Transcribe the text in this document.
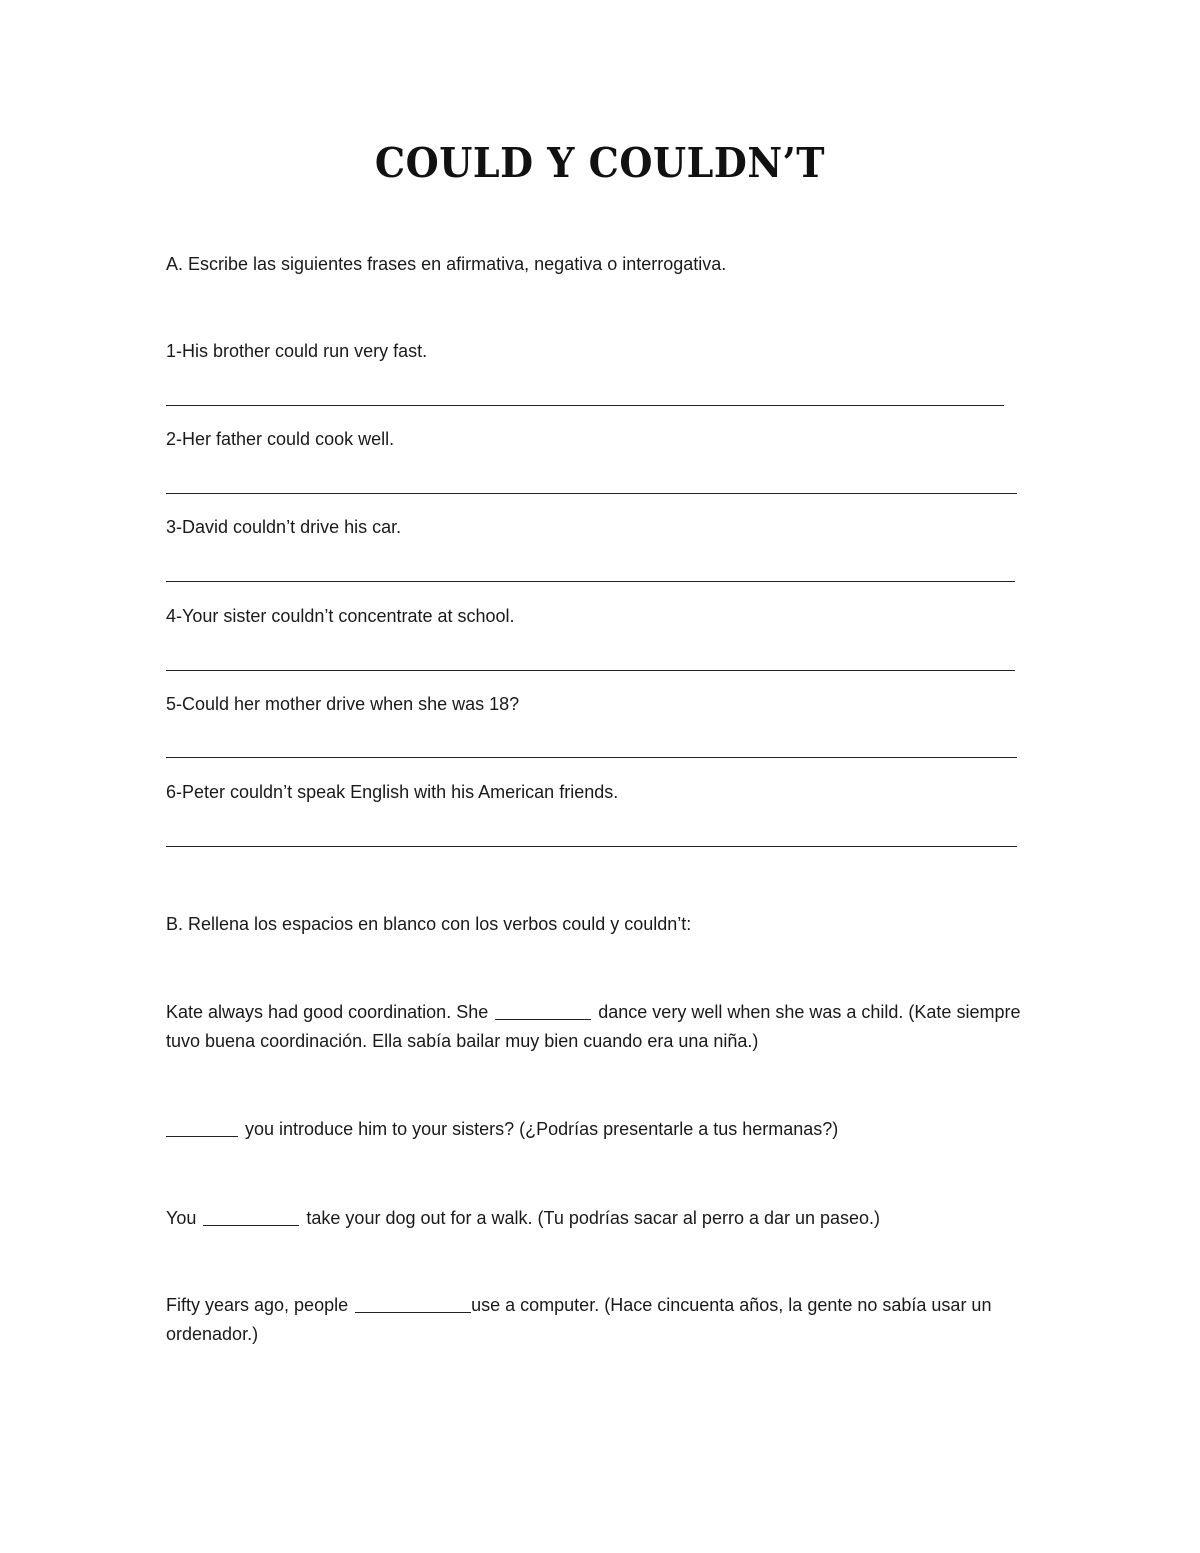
COULD Y COULDN’T
A. Escribe las siguientes frases en afirmativa, negativa o interrogativa.
1-His brother could run very fast.
2-Her father could cook well.
3-David couldn’t drive his car.
4-Your sister couldn’t concentrate at school.
5-Could her mother drive when she was 18?
6-Peter couldn’t speak English with his American friends.
B. Rellena los espacios en blanco con los verbos could y couldn’t:
Kate always had good coordination. She	dance very well when she was a child. (Kate siempre tuvo buena coordinación. Ella sabía bailar muy bien cuando era una niña.)
you introduce him to your sisters? (¿Podrías presentarle a tus hermanas?)
You	take your dog out for a walk. (Tu podrías sacar al perro a dar un paseo.)
Fifty years ago, people	use a computer. (Hace cincuenta años, la gente no sabía usar un ordenador.)
